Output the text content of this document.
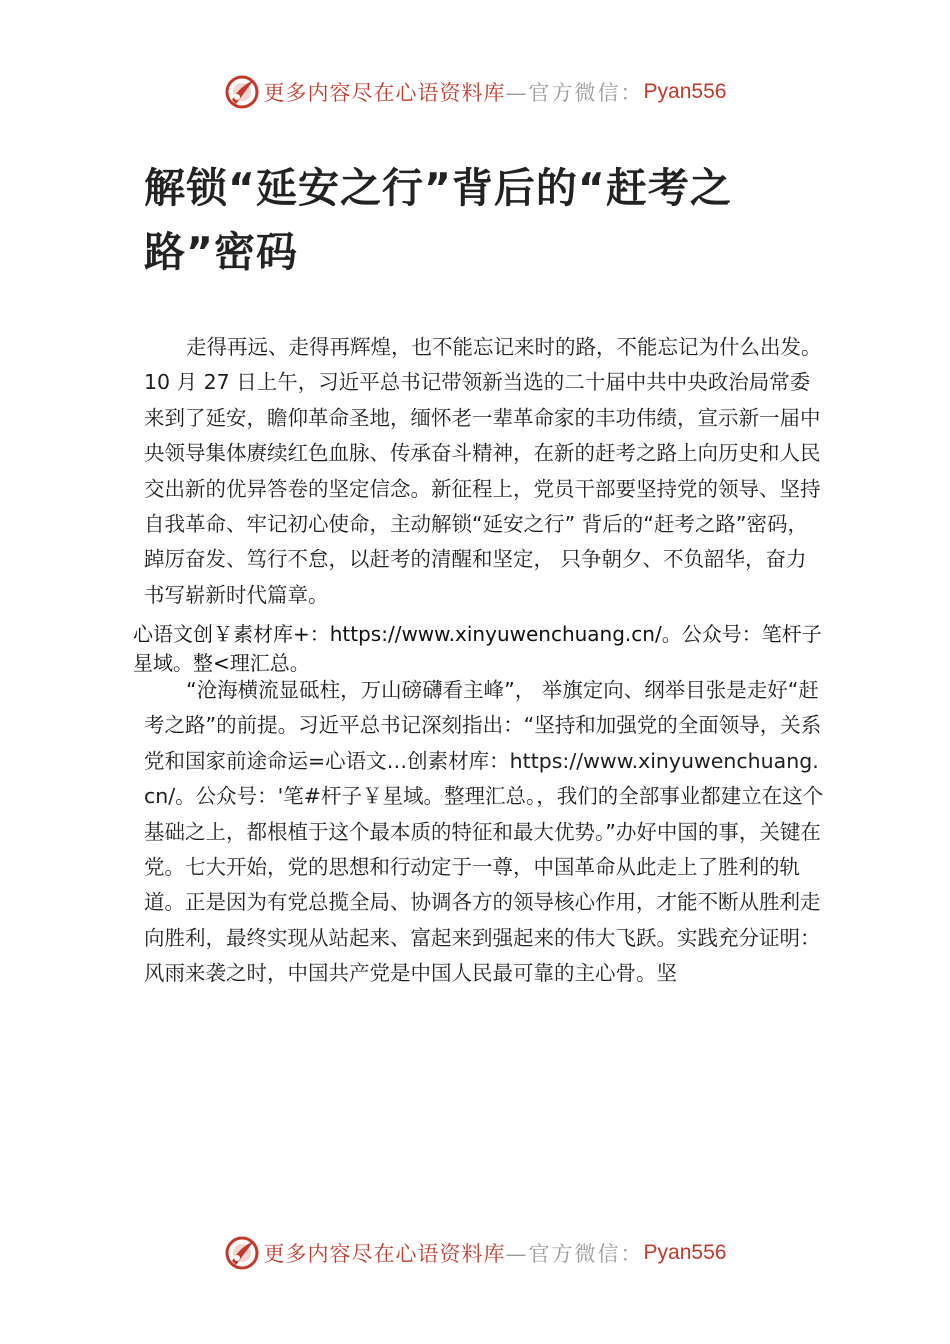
更多内容尽在心语资料库 —官方微信： Pyan556
解锁“延安之行”背后的“赶考之路”密码

走得再远、走得再辉煌，也不能忘记来时的路，不能忘记为什么出发。10 月 27 日上午，习近平总书记带领新当选的二十届中共中央政治局常委来到了延安，瞻仰革命圣地，缅怀老一辈革命家的丰功伟绩，宣示新一届中央领导集体赓续红色血脉、传承奋斗精神，在新的赶考之路上向历史和人民交出新的优异答卷的坚定信念。新征程上，党员干部要坚持党的领导、坚持自我革命、牢记初心使命，主动解锁“延安之行” 背后的“赶考之路”密码，踔厉奋发、笃行不怠，以赶考的清醒和坚定， 只争朝夕、不负韶华，奋力书写崭新时代篇章。

心语文创￥素材库+：https://www.xinyuwenchuang.cn/。公众号：笔杆子星域。整<理汇总。

“沧海横流显砥柱，万山磅礴看主峰”， 举旗定向、纲举目张是走好“赶考之路”的前提。习近平总书记深刻指出：“坚持和加强党的全面领导，关系党和国家前途命运=心语文…创素材库：https://www.xinyuwenchuang.cn/。公众号：'笔#杆子￥星域。整理汇总。，我们的全部事业都建立在这个基础之上，都根植于这个最本质的特征和最大优势。”办好中国的事，关键在党。七大开始，党的思想和行动定于一尊，中国革命从此走上了胜利的轨道。正是因为有党总揽全局、协调各方的领导核心作用，才能不断从胜利走向胜利，最终实现从站起来、富起来到强起来的伟大飞跃。实践充分证明：风雨来袭之时，中国共产党是中国人民最可靠的主心骨。坚

更多内容尽在心语资料库 —官方微信： Pyan556
